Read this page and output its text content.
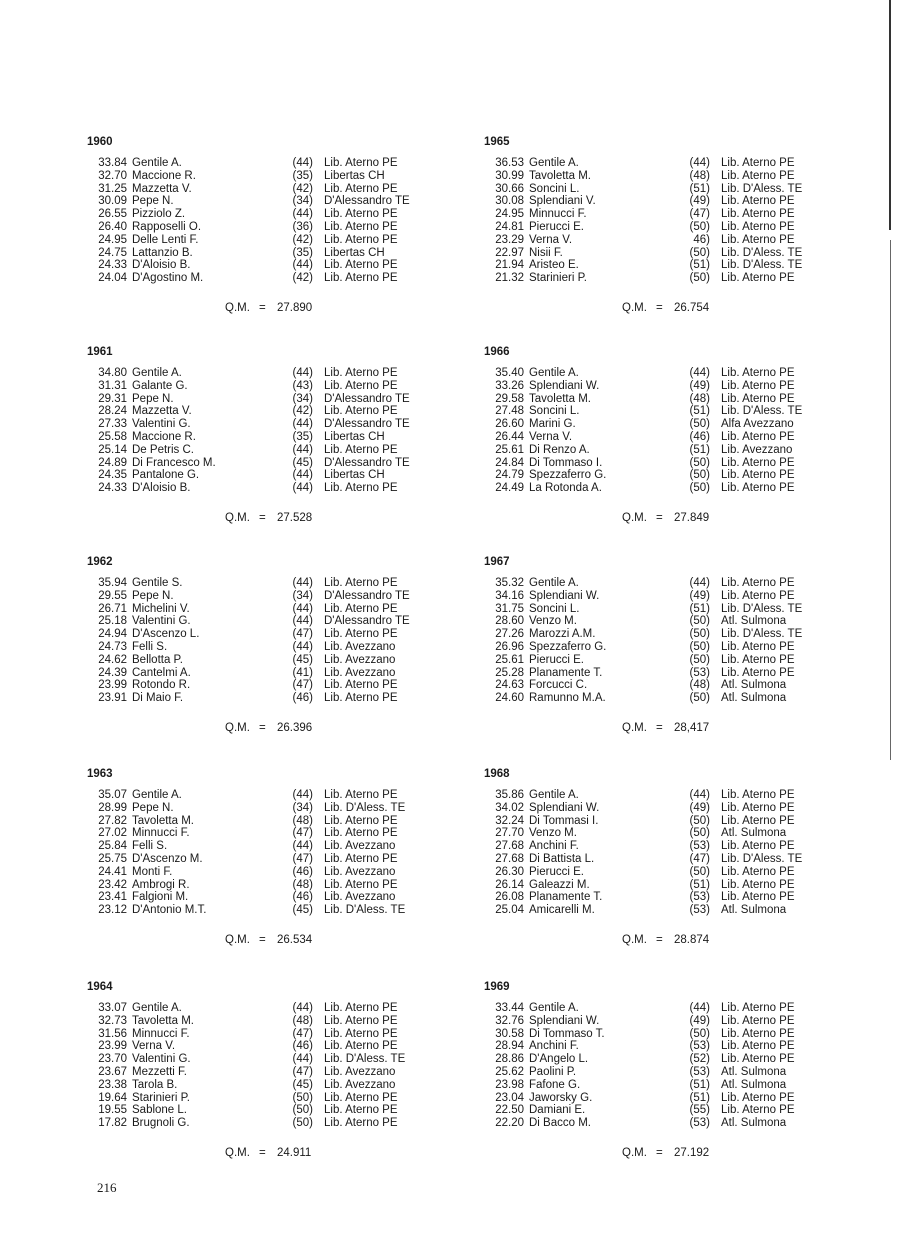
1960
33.84 Gentile A.	(44) Lib. Aterno PE
32.70 Maccione R.	(35) Libertas CH
31.25 Mazzetta V.	(42) Lib. Aterno PE
30.09 Pepe N.	(34) D'Alessandro TE
26.55 Pizziolo Z.	(44) Lib. Aterno PE
26.40 Rapposelli O.	(36) Lib. Aterno PE
24.95 Delle Lenti F.	(42) Lib. Aterno PE
24.75 Lattanzio B.	(35) Libertas CH
24.33 D'Aloisio B.	(44) Lib. Aterno PE
24.04 D'Agostino M.	(42) Lib. Aterno PE
Q.M. = 27.890
1965
36.53 Gentile A.	(44) Lib. Aterno PE
30.99 Tavoletta M.	(48) Lib. Aterno PE
30.66 Soncini L.	(51) Lib. D'Aless. TE
30.08 Splendiani V.	(49) Lib. Aterno PE
24.95 Minnucci F.	(47) Lib. Aterno PE
24.81 Pierucci E.	(50) Lib. Aterno PE
23.29 Verna V.	46) Lib. Aterno PE
22.97 Nisii F.	(50) Lib. D'Aless. TE
21.94 Aristeo E.	(51) Lib. D'Aless. TE
21.32 Starinieri P.	(50) Lib. Aterno PE
Q.M. = 26.754
1961
34.80 Gentile A.	(44) Lib. Aterno PE
31.31 Galante G.	(43) Lib. Aterno PE
29.31 Pepe N.	(34) D'Alessandro TE
28.24 Mazzetta V.	(42) Lib. Aterno PE
27.33 Valentini G.	(44) D'Alessandro TE
25.58 Maccione R.	(35) Libertas CH
25.14 De Petris C.	(44) Lib. Aterno PE
24.89 Di Francesco M.	(45) D'Alessandro TE
24.35 Pantalone G.	(44) Libertas CH
24.33 D'Aloisio B.	(44) Lib. Aterno PE
Q.M. = 27.528
1966
35.40 Gentile A.	(44) Lib. Aterno PE
33.26 Splendiani W.	(49) Lib. Aterno PE
29.58 Tavoletta M.	(48) Lib. Aterno PE
27.48 Soncini L.	(51) Lib. D'Aless. TE
26.60 Marini G.	(50) Alfa Avezzano
26.44 Verna V.	(46) Lib. Aterno PE
25.61 Di Renzo A.	(51) Lib. Avezzano
24.84 Di Tommaso I.	(50) Lib. Aterno PE
24.79 Spezzaferro G.	(50) Lib. Aterno PE
24.49 La Rotonda A.	(50) Lib. Aterno PE
Q.M. = 27.849
1962
35.94 Gentile S.	(44) Lib. Aterno PE
29.55 Pepe N.	(34) D'Alessandro TE
26.71 Michelini V.	(44) Lib. Aterno PE
25.18 Valentini G.	(44) D'Alessandro TE
24.94 D'Ascenzo L.	(47) Lib. Aterno PE
24.73 Felli S.	(44) Lib. Avezzano
24.62 Bellotta P.	(45) Lib. Avezzano
24.39 Cantelmi A.	(41) Lib. Avezzano
23.99 Rotondo R.	(47) Lib. Aterno PE
23.91 Di Maio F.	(46) Lib. Aterno PE
Q.M. = 26.396
1967
35.32 Gentile A.	(44) Lib. Aterno PE
34.16 Splendiani W.	(49) Lib. Aterno PE
31.75 Soncini L.	(51) Lib. D'Aless. TE
28.60 Venzo M.	(50) Atl. Sulmona
27.26 Marozzi A.M.	(50) Lib. D'Aless. TE
26.96 Spezzaferro G.	(50) Lib. Aterno PE
25.61 Pierucci E.	(50) Lib. Aterno PE
25.28 Planamente T.	(53) Lib. Aterno PE
24.63 Forcucci C.	(48) Atl. Sulmona
24.60 Ramunno M.A.	(50) Atl. Sulmona
Q.M. = 28,417
1963
35.07 Gentile A.	(44) Lib. Aterno PE
28.99 Pepe N.	(34) Lib. D'Aless. TE
27.82 Tavoletta M.	(48) Lib. Aterno PE
27.02 Minnucci F.	(47) Lib. Aterno PE
25.84 Felli S.	(44) Lib. Avezzano
25.75 D'Ascenzo M.	(47) Lib. Aterno PE
24.41 Monti F.	(46) Lib. Avezzano
23.42 Ambrogi R.	(48) Lib. Aterno PE
23.41 Falgioni M.	(46) Lib. Avezzano
23.12 D'Antonio M.T.	(45) Lib. D'Aless. TE
Q.M. = 26.534
1968
35.86 Gentile A.	(44) Lib. Aterno PE
34.02 Splendiani W.	(49) Lib. Aterno PE
32.24 Di Tommasi I.	(50) Lib. Aterno PE
27.70 Venzo M.	(50) Atl. Sulmona
27.68 Anchini F.	(53) Lib. Aterno PE
27.68 Di Battista L.	(47) Lib. D'Aless. TE
26.30 Pierucci E.	(50) Lib. Aterno PE
26.14 Galeazzi M.	(51) Lib. Aterno PE
26.08 Planamente T.	(53) Lib. Aterno PE
25.04 Amicarelli M.	(53) Atl. Sulmona
Q.M. = 28.874
1964
33.07 Gentile A.	(44) Lib. Aterno PE
32.73 Tavoletta M.	(48) Lib. Aterno PE
31.56 Minnucci F.	(47) Lib. Aterno PE
23.99 Verna V.	(46) Lib. Aterno PE
23.70 Valentini G.	(44) Lib. D'Aless. TE
23.67 Mezzetti F.	(47) Lib. Avezzano
23.38 Tarola B.	(45) Lib. Avezzano
19.64 Starinieri P.	(50) Lib. Aterno PE
19.55 Sablone L.	(50) Lib. Aterno PE
17.82 Brugnoli G.	(50) Lib. Aterno PE
Q.M. = 24.911
1969
33.44 Gentile A.	(44) Lib. Aterno PE
32.76 Splendiani W.	(49) Lib. Aterno PE
30.58 Di Tommaso T.	(50) Lib. Aterno PE
28.94 Anchini F.	(53) Lib. Aterno PE
28.86 D'Angelo L.	(52) Lib. Aterno PE
25.62 Paolini P.	(53) Atl. Sulmona
23.98 Fafone G.	(51) Atl. Sulmona
23.04 Jaworsky G.	(51) Lib. Aterno PE
22.50 Damiani E.	(55) Lib. Aterno PE
22.20 Di Bacco M.	(53) Atl. Sulmona
Q.M. = 27.192
216
